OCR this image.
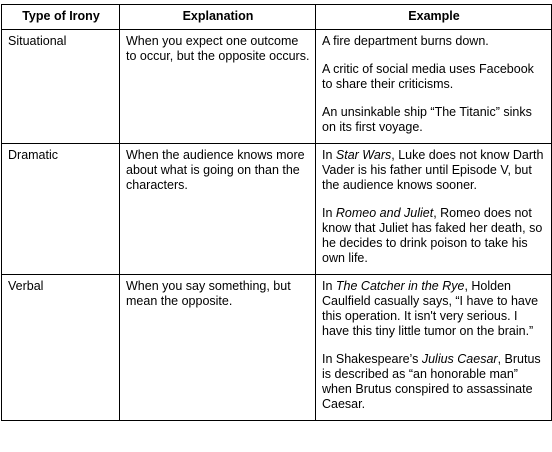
Type of Irony	Explanation	Example
Situational	When you expect one outcome to occur, but the opposite occurs.	A fire department burns down.

A critic of social media uses Facebook to share their criticisms.

An unsinkable ship “The Titanic” sinks on its first voyage.

Dramatic	When the audience knows more about what is going on than the characters.	In Star Wars, Luke does not know Darth Vader is his father until Episode V, but the audience knows sooner.

In Romeo and Juliet, Romeo does not know that Juliet has faked her death, so he decides to drink poison to take his own life.

Verbal	When you say something, but mean the opposite.	In The Catcher in the Rye, Holden Caulfield casually says, “I have to have this operation. It isn't very serious. I have this tiny little tumor on the brain.”

In Shakespeare’s Julius Caesar, Brutus is described as “an honorable man” when Brutus conspired to assassinate Caesar.
